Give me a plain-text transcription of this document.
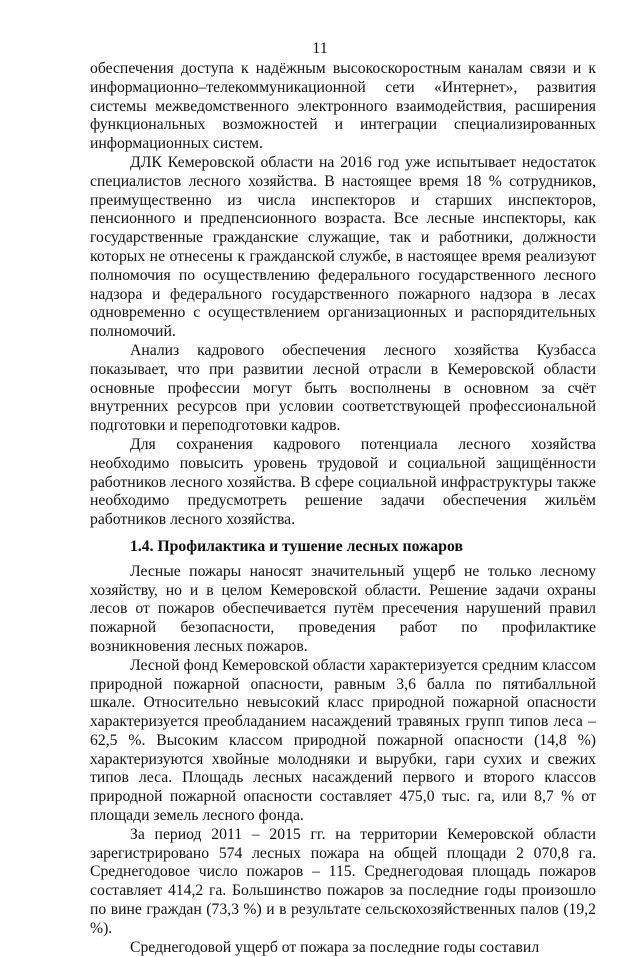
11

обеспечения доступа к надёжным высокоскоростным каналам связи и к информационно–телекоммуникационной сети «Интернет», развития системы межведомственного электронного взаимодействия, расширения функциональных возможностей и интеграции специализированных информационных систем.

ДЛК Кемеровской области на 2016 год уже испытывает недостаток специалистов лесного хозяйства. В настоящее время 18 % сотрудников, преимущественно из числа инспекторов и старших инспекторов, пенсионного и предпенсионного возраста. Все лесные инспекторы, как государственные гражданские служащие, так и работники, должности которых не отнесены к гражданской службе, в настоящее время реализуют полномочия по осуществлению федерального государственного лесного надзора и федерального государственного пожарного надзора в лесах одновременно с осуществлением организационных и распорядительных полномочий.

Анализ кадрового обеспечения лесного хозяйства Кузбасса показывает, что при развитии лесной отрасли в Кемеровской области основные профессии могут быть восполнены в основном за счёт внутренних ресурсов при условии соответствующей профессиональной подготовки и переподготовки кадров.

Для сохранения кадрового потенциала лесного хозяйства необходимо повысить уровень трудовой и социальной защищённости работников лесного хозяйства. В сфере социальной инфраструктуры также необходимо предусмотреть решение задачи обеспечения жильём работников лесного хозяйства.

1.4. Профилактика и тушение лесных пожаров

Лесные пожары наносят значительный ущерб не только лесному хозяйству, но и в целом Кемеровской области. Решение задачи охраны лесов от пожаров обеспечивается путём пресечения нарушений правил пожарной безопасности, проведения работ по профилактике возникновения лесных пожаров.

Лесной фонд Кемеровской области характеризуется средним классом природной пожарной опасности, равным 3,6 балла по пятибалльной шкале. Относительно невысокий класс природной пожарной опасности характеризуется преобладанием насаждений травяных групп типов леса – 62,5 %. Высоким классом природной пожарной опасности (14,8 %) характеризуются хвойные молодняки и вырубки, гари сухих и свежих типов леса. Площадь лесных насаждений первого и второго классов природной пожарной опасности составляет 475,0 тыс. га, или 8,7 % от площади земель лесного фонда.

За период 2011 – 2015 гг. на территории Кемеровской области зарегистрировано 574 лесных пожара на общей площади 2 070,8 га. Среднегодовое число пожаров – 115. Среднегодовая площадь пожаров составляет 414,2 га. Большинство пожаров за последние годы произошло по вине граждан (73,3 %) и в результате сельскохозяйственных палов (19,2 %).

Среднегодовой ущерб от пожара за последние годы составил
